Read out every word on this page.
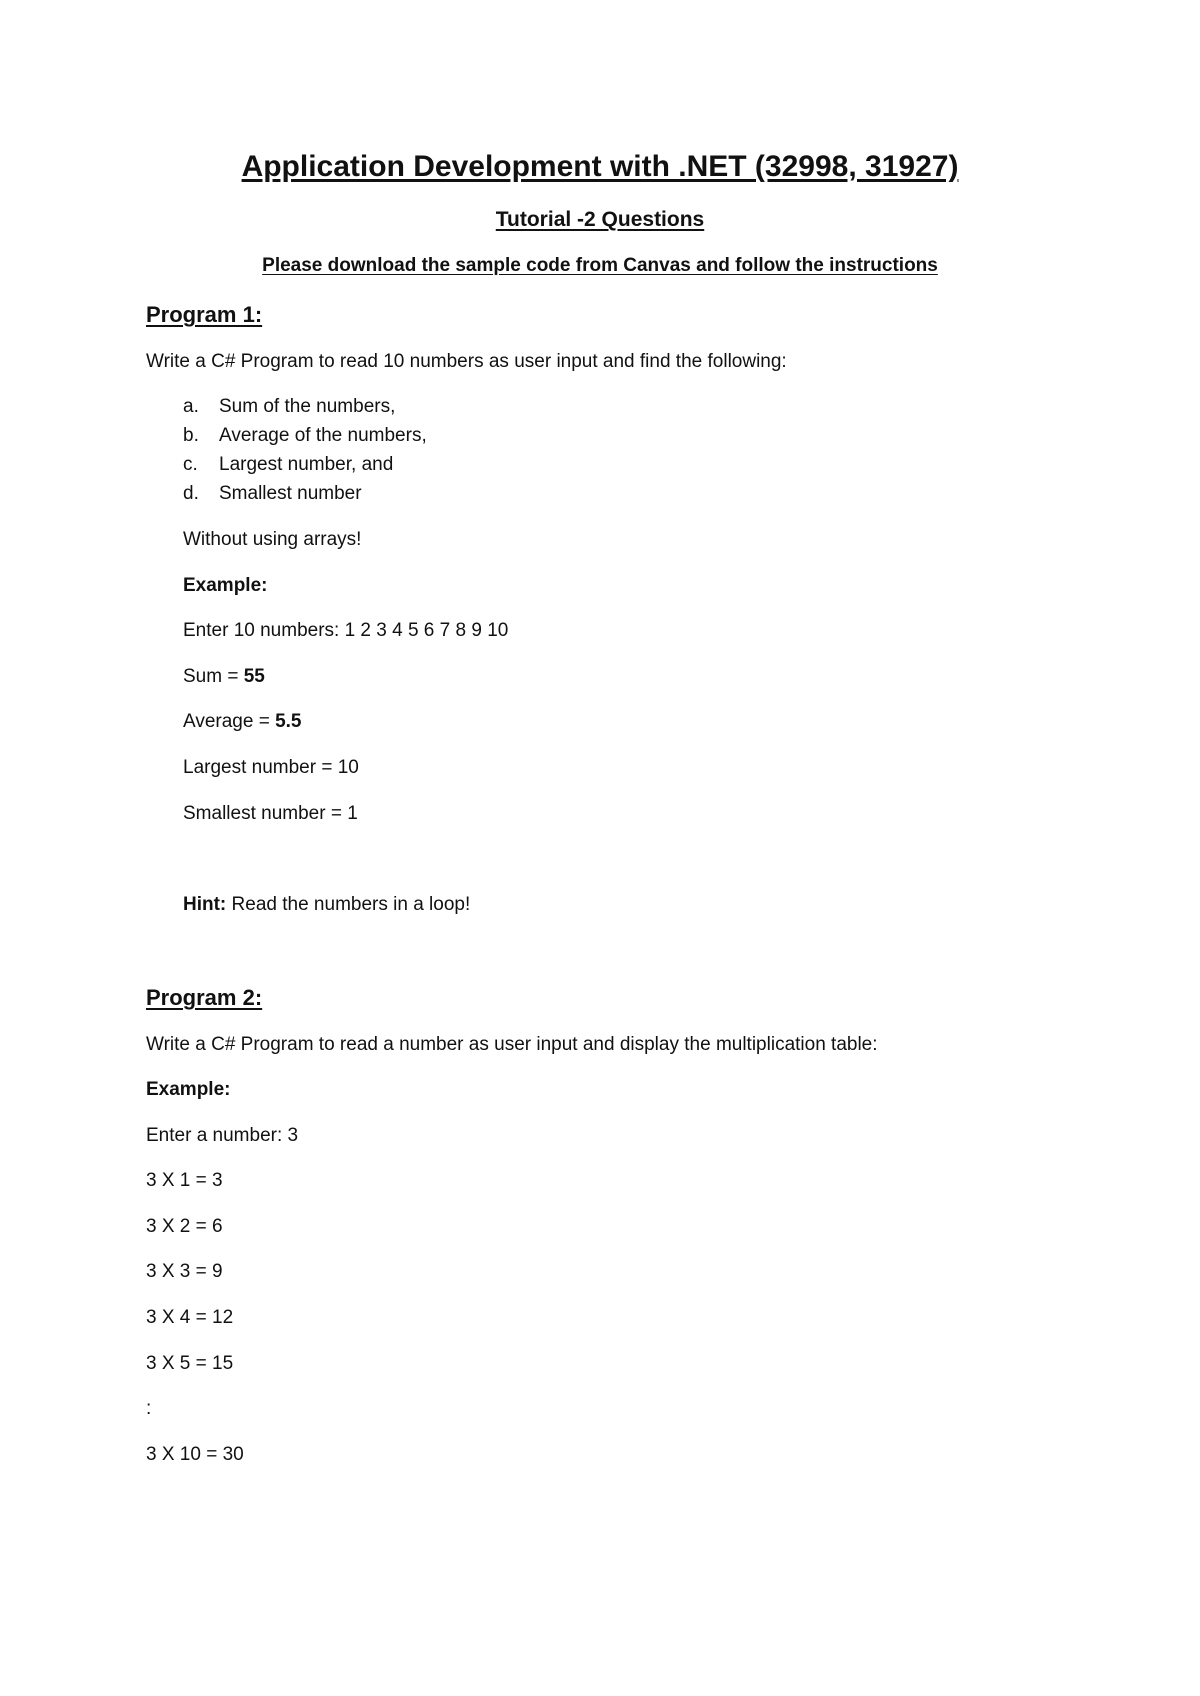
Application Development with .NET (32998, 31927)
Tutorial -2 Questions
Please download the sample code from Canvas and follow the instructions
Program 1:
Write a C# Program to read 10 numbers as user input and find the following:
a. Sum of the numbers,
b. Average of the numbers,
c. Largest number, and
d. Smallest number
Without using arrays!
Example:
Enter 10 numbers: 1 2 3 4 5 6 7 8 9 10
Sum = 55
Average = 5.5
Largest number = 10
Smallest number = 1
Hint: Read the numbers in a loop!
Program 2:
Write a C# Program to read a number as user input and display the multiplication table:
Example:
Enter a number: 3
3 X 1 = 3
3 X 2 = 6
3 X 3 = 9
3 X 4 = 12
3 X 5 = 15
:
3 X 10 = 30
